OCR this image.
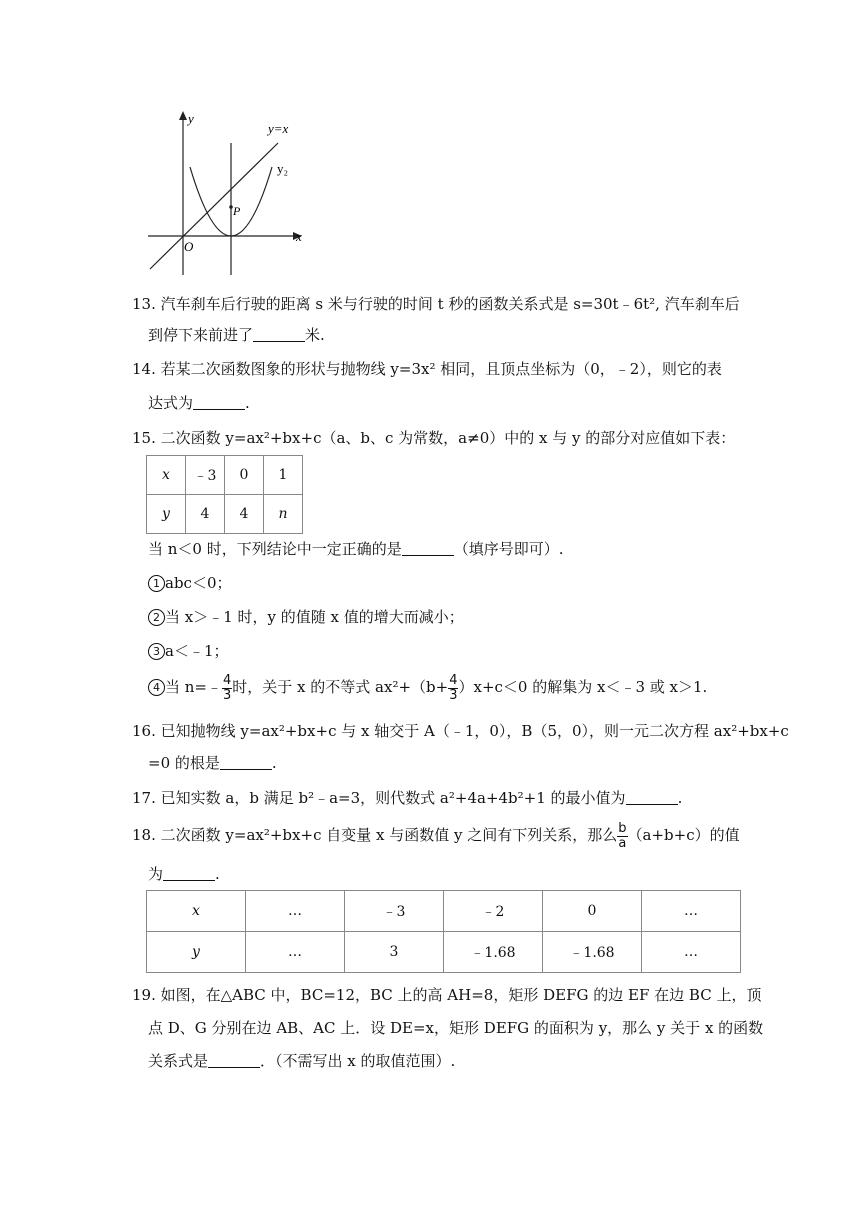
y
x
O
y=x
y₂
P
13. 汽车刹车后行驶的距离 s 米与行驶的时间 t 秒的函数关系式是 s=30t﹣6t², 汽车刹车后
到停下来前进了	米.
14. 若某二次函数图象的形状与抛物线 y=3x² 相同，且顶点坐标为（0，﹣2），则它的表
达式为	.
15. 二次函数 y=ax²+bx+c（a、b、c 为常数，a≠0）中的 x 与 y 的部分对应值如下表：
x	﹣3	0	1
y	4	4	n
当 n＜0 时，下列结论中一定正确的是	（填序号即可）.
1 abc＜0；
2 当 x＞﹣1 时，y 的值随 x 值的增大而减小；
3 a＜﹣1；
4 当 n=﹣ $\frac{4}{3}$ 时，关于 x 的不等式 $ax^2+(b+ \frac{4}{3} )x+c<0$ 的解集为 x＜﹣3 或 x＞1.
16. 已知抛物线 y=ax²+bx+c 与 x 轴交于 A（﹣1，0），B（5，0），则一元二次方程 ax²+bx+c
=0 的根是	.
17. 已知实数 a，b 满足 b²﹣a=3，则代数式 a²+4a+4b²+1 的最小值为	.
18. 二次函数 y=ax²+bx+c 自变量 x 与函数值 y 之间有下列关系，那么 $\frac{b}{a} (a+b+c)$的值
为	.
x	…	﹣3	﹣2	0	…
y	…	3	﹣1.68	﹣1.68	…
19. 如图，在△ABC 中，BC=12，BC 上的高 AH=8，矩形 DEFG 的边 EF 在边 BC 上，顶
点 D、G 分别在边 AB、AC 上．设 DE=x，矩形 DEFG 的面积为 y，那么 y 关于 x 的函数
关系式是	．（不需写出 x 的取值范围）.
